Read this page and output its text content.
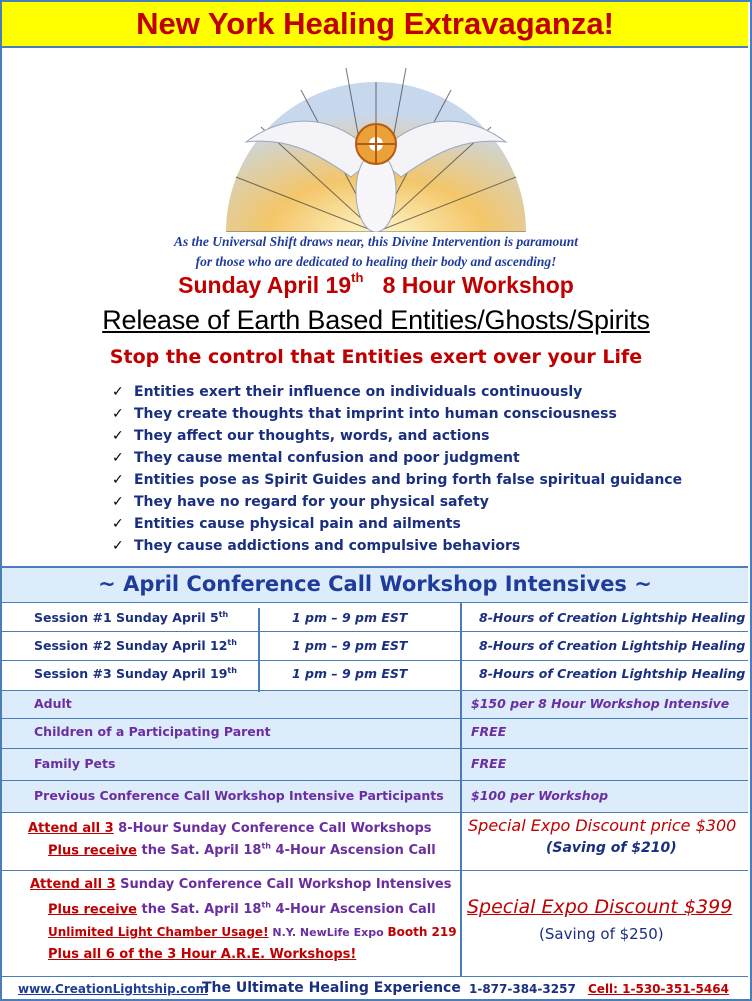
New York Healing Extravaganza!
As the Universal Shift draws near, this Divine Intervention is paramount
for those who are dedicated to healing their body and ascending!
Sunday April 19th 8 Hour Workshop
Release of Earth Based Entities/Ghosts/Spirits
Stop the control that Entities exert over your Life
✓ Entities exert their influence on individuals continuously
✓ They create thoughts that imprint into human consciousness
✓ They affect our thoughts, words, and actions
✓ They cause mental confusion and poor judgment
✓ Entities pose as Spirit Guides and bring forth false spiritual guidance
✓ They have no regard for your physical safety
✓ Entities cause physical pain and ailments
✓ They cause addictions and compulsive behaviors
~ April Conference Call Workshop Intensives ~
Session #1 Sunday April 5th	1 pm – 9 pm EST	8-Hours of Creation Lightship Healing
Session #2 Sunday April 12th	1 pm – 9 pm EST	8-Hours of Creation Lightship Healing
Session #3 Sunday April 19th	1 pm – 9 pm EST	8-Hours of Creation Lightship Healing
Adult	$150 per 8 Hour Workshop Intensive
Children of a Participating Parent	FREE
Family Pets	FREE
Previous Conference Call Workshop Intensive Participants $100 per Workshop
Attend all 3 8-Hour Sunday Conference Call Workshops
Plus receive the Sat. April 18th 4-Hour Ascension Call
Special Expo Discount price $300
(Saving of $210)
Attend all 3 Sunday Conference Call Workshop Intensives
Plus receive the Sat. April 18th 4-Hour Ascension Call
Unlimited Light Chamber Usage! N.Y. NewLife Expo Booth 219
Plus all 6 of the 3 Hour A.R.E. Workshops!
Special Expo Discount $399
(Saving of $250)
www.CreationLightship.com
The Ultimate Healing Experience 1-877-384-3257 Cell: 1-530-351-5464
